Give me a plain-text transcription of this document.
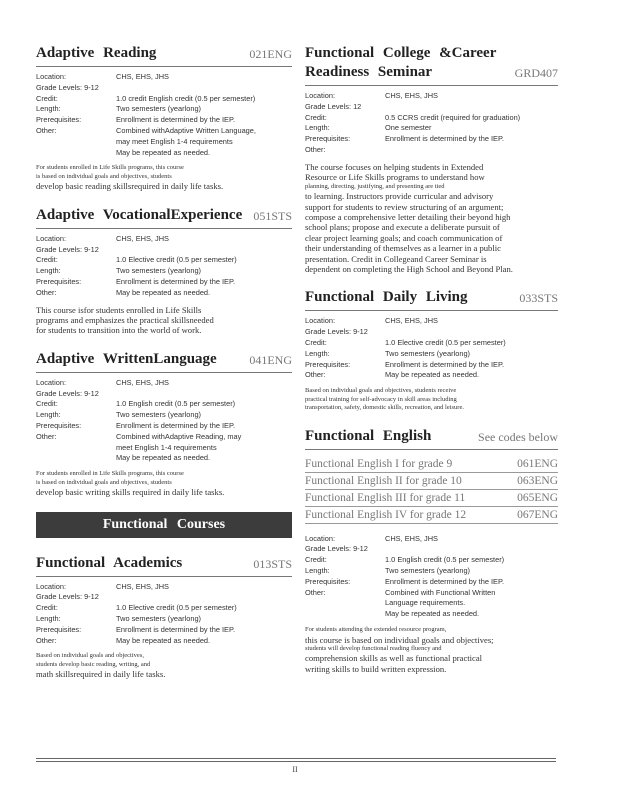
Adaptive Reading	021ENG
Location:	CHS, EHS, JHS
Grade Levels: 9-12
Credit:	1.0 credit English credit (0.5 per semester)
Length:	Two semesters (yearlong)
Prerequisites:	Enrollment is determined by the IEP.
Other:	Combined withAdaptive Written Language,
may meet English 1-4 requirements
May be repeated as needed.
For students enrolled in Life Skills programs, this course
is based on individual goals and objectives, students
develop basic reading skillsrequired in daily life tasks.
Adaptive VocationalExperience 051STS
Location:	CHS, EHS, JHS
Grade Levels: 9-12
Credit:	1.0 Elective credit (0.5 per semester)
Length:	Two semesters (yearlong)
Prerequisites:	Enrollment is determined by the IEP.
Other:	May be repeated as needed.
This course isfor students enrolled in Life Skills
programs and emphasizes the practical skillsneeded
for students to transition into the world of work.
Adaptive WrittenLanguage	041ENG
Location:	CHS, EHS, JHS
Grade Levels: 9-12
Credit:	1.0 English credit (0.5 per semester)
Length:	Two semesters (yearlong)
Prerequisites:	Enrollment is determined by the IEP.
Other:	Combined withAdaptive Reading, may
meet English 1-4 requirements
May be repeated as needed.
For students enrolled in Life Skills programs, this course
is based on individual goals and objectives, students
develop basic writing skills required in daily life tasks.
Functional Courses
Functional Academics	013STS
Location:	CHS, EHS, JHS
Grade Levels: 9-12
Credit:	1.0 Elective credit (0.5 per semester)
Length:	Two semesters (yearlong)
Prerequisites:	Enrollment is determined by the IEP.
Other:	May be repeated as needed.
Based on individual goals and objectives,
students develop basic reading, writing, and
math skillsrequired in daily life tasks.
Functional College &Career
Readiness Seminar	GRD407
Location:	CHS, EHS, JHS
Grade Levels: 12
Credit:	0.5 CCRS credit (required for graduation)
Length:	One semester
Prerequisites:	Enrollment is determined by the IEP.
Other:
The course focuses on helping students in Extended
Resource or Life Skills programs to understand how
planning, directing, justifying, and presenting are tied
to learning. Instructors provide curricular and advisory
support for students to review structuring of an argument;
compose a comprehensive letter detailing their beyond high
school plans; propose and execute a deliberate pursuit of
clear project learning goals; and coach communication of
their understanding of themselves as a learner in a public
presentation. Credit in Collegeand Career Seminar is
dependent on completing the High School and Beyond Plan.
Functional Daily Living	033STS
Location:	CHS, EHS, JHS
Grade Levels: 9-12
Credit:	1.0 Elective credit (0.5 per semester)
Length:	Two semesters (yearlong)
Prerequisites:	Enrollment is determined by the IEP.
Other:	May be repeated as needed.
Based on individual goals and objectives, students receive
practical training for self-advocacy in skill areas including
transportation, safety, domestic skills, recreation, and leisure.
Functional English	See codes below
Functional English I for grade 9	061ENG
Functional English II for grade 10	063ENG
Functional English III for grade 11	065ENG
Functional English IV for grade 12	067ENG
Location:	CHS, EHS, JHS
Grade Levels: 9-12
Credit:	1.0 English credit (0.5 per semester)
Length:	Two semesters (yearlong)
Prerequisites:	Enrollment is determined by the IEP.
Other:	Combined with Functional Written
Language requirements.
May be repeated as needed.
For students attending the extended resource program,
this course is based on individual goals and objectives;
students will develop functional reading fluency and
comprehension skills as well as functional practical
writing skills to build written expression.
II
